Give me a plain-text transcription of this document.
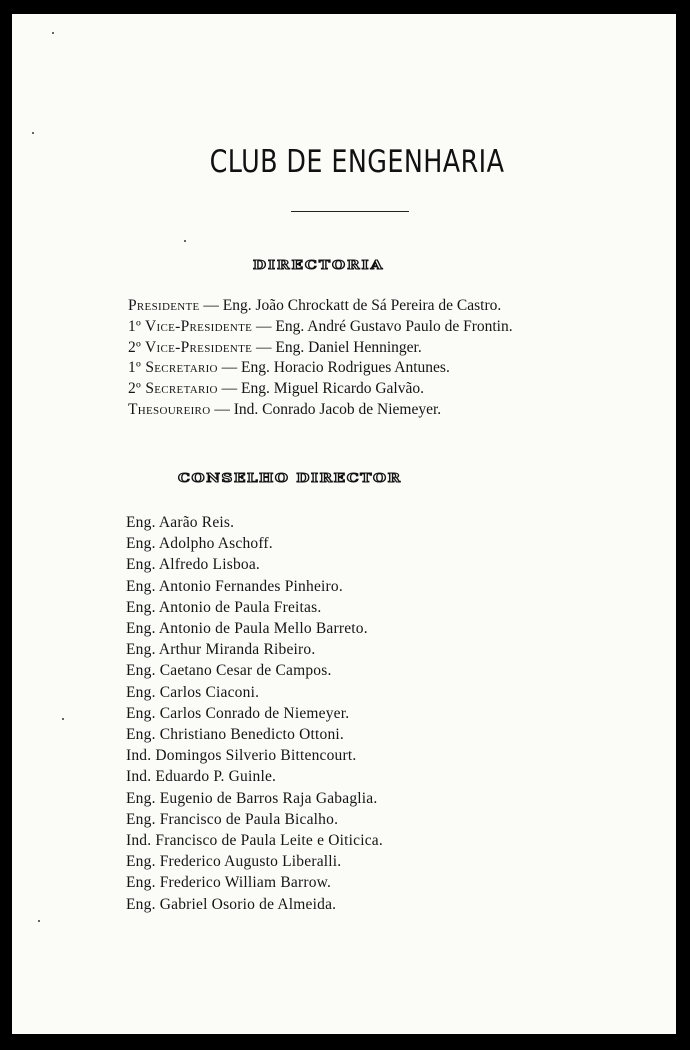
CLUB DE ENGENHARIA
DIRECTORIA
Presidente — Eng. João Chrockatt de Sá Pereira de Castro.
1º Vice-Presidente — Eng. André Gustavo Paulo de Frontin.
2º Vice-Presidente — Eng. Daniel Henninger.
1º Secretario — Eng. Horacio Rodrigues Antunes.
2º Secretario — Eng. Miguel Ricardo Galvão.
Thesoureiro — Ind. Conrado Jacob de Niemeyer.
CONSELHO DIRECTOR
Eng. Aarão Reis.
Eng. Adolpho Aschoff.
Eng. Alfredo Lisboa.
Eng. Antonio Fernandes Pinheiro.
Eng. Antonio de Paula Freitas.
Eng. Antonio de Paula Mello Barreto.
Eng. Arthur Miranda Ribeiro.
Eng. Caetano Cesar de Campos.
Eng. Carlos Ciaconi.
Eng. Carlos Conrado de Niemeyer.
Eng. Christiano Benedicto Ottoni.
Ind. Domingos Silverio Bittencourt.
Ind. Eduardo P. Guinle.
Eng. Eugenio de Barros Raja Gabaglia.
Eng. Francisco de Paula Bicalho.
Ind. Francisco de Paula Leite e Oiticica.
Eng. Frederico Augusto Liberalli.
Eng. Frederico William Barrow.
Eng. Gabriel Osorio de Almeida.
